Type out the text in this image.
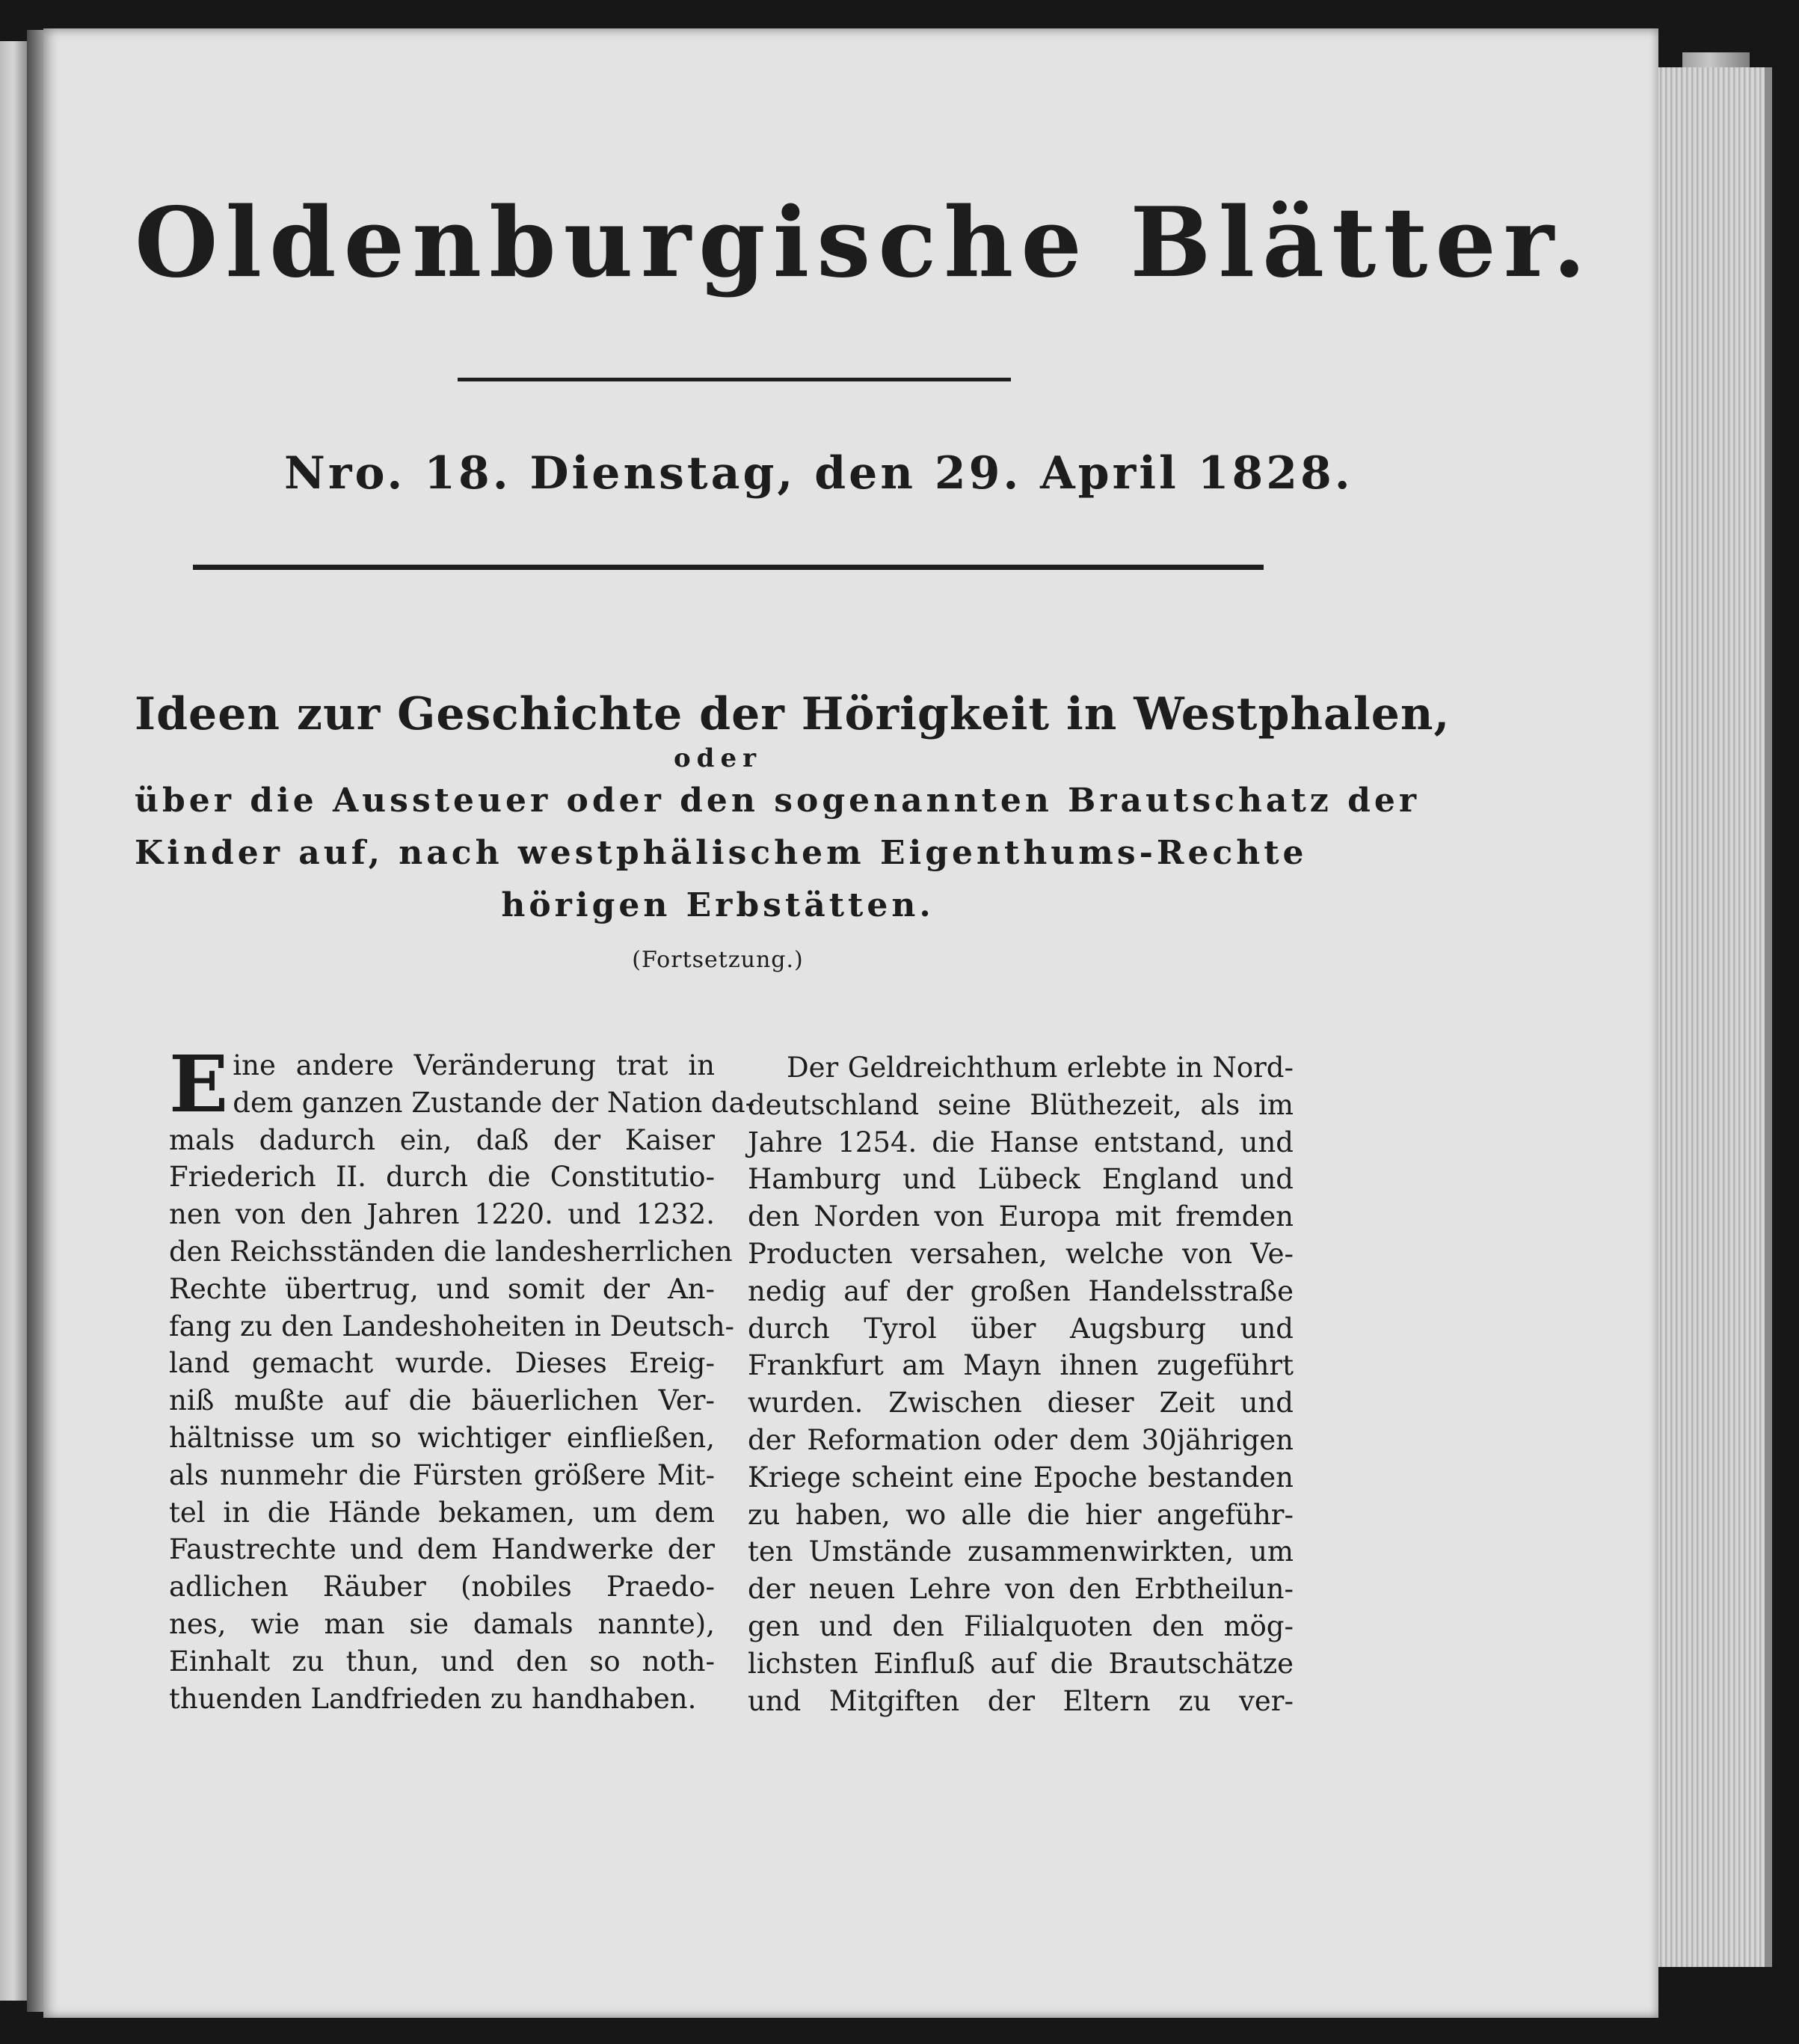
Oldenburgische Blätter.
Nro. 18. Dienstag, den 29. April 1828.
Ideen zur Geschichte der Hörigkeit in Westphalen,
oder
über die Aussteuer oder den sogenannten Brautschatz der
Kinder auf, nach westphälischem Eigenthums-Rechte
hörigen Erbstätten.
(Fortsetzung.)
E ine andere Veränderung trat in
dem ganzen Zustande der Nation da-
mals dadurch ein, daß der Kaiser
Friederich II. durch die Constitutio-
nen von den Jahren 1220. und 1232.
den Reichsständen die landesherrlichen
Rechte übertrug, und somit der An-
fang zu den Landeshoheiten in Deutsch-
land gemacht wurde. Dieses Ereig-
niß mußte auf die bäuerlichen Ver-
hältnisse um so wichtiger einfließen,
als nunmehr die Fürsten größere Mit-
tel in die Hände bekamen, um dem
Faustrechte und dem Handwerke der
adlichen Räuber (nobiles Praedo-
nes, wie man sie damals nannte),
Einhalt zu thun, und den so noth-
thuenden Landfrieden zu handhaben.
Der Geldreichthum erlebte in Nord-
deutschland seine Blüthezeit, als im
Jahre 1254. die Hanse entstand, und
Hamburg und Lübeck England und
den Norden von Europa mit fremden
Producten versahen, welche von Ve-
nedig auf der großen Handelsstraße
durch Tyrol über Augsburg und
Frankfurt am Mayn ihnen zugeführt
wurden. Zwischen dieser Zeit und
der Reformation oder dem 30jährigen
Kriege scheint eine Epoche bestanden
zu haben, wo alle die hier angeführ-
ten Umstände zusammenwirkten, um
der neuen Lehre von den Erbtheilun-
gen und den Filialquoten den mög-
lichsten Einfluß auf die Brautschätze
und Mitgiften der Eltern zu ver-
